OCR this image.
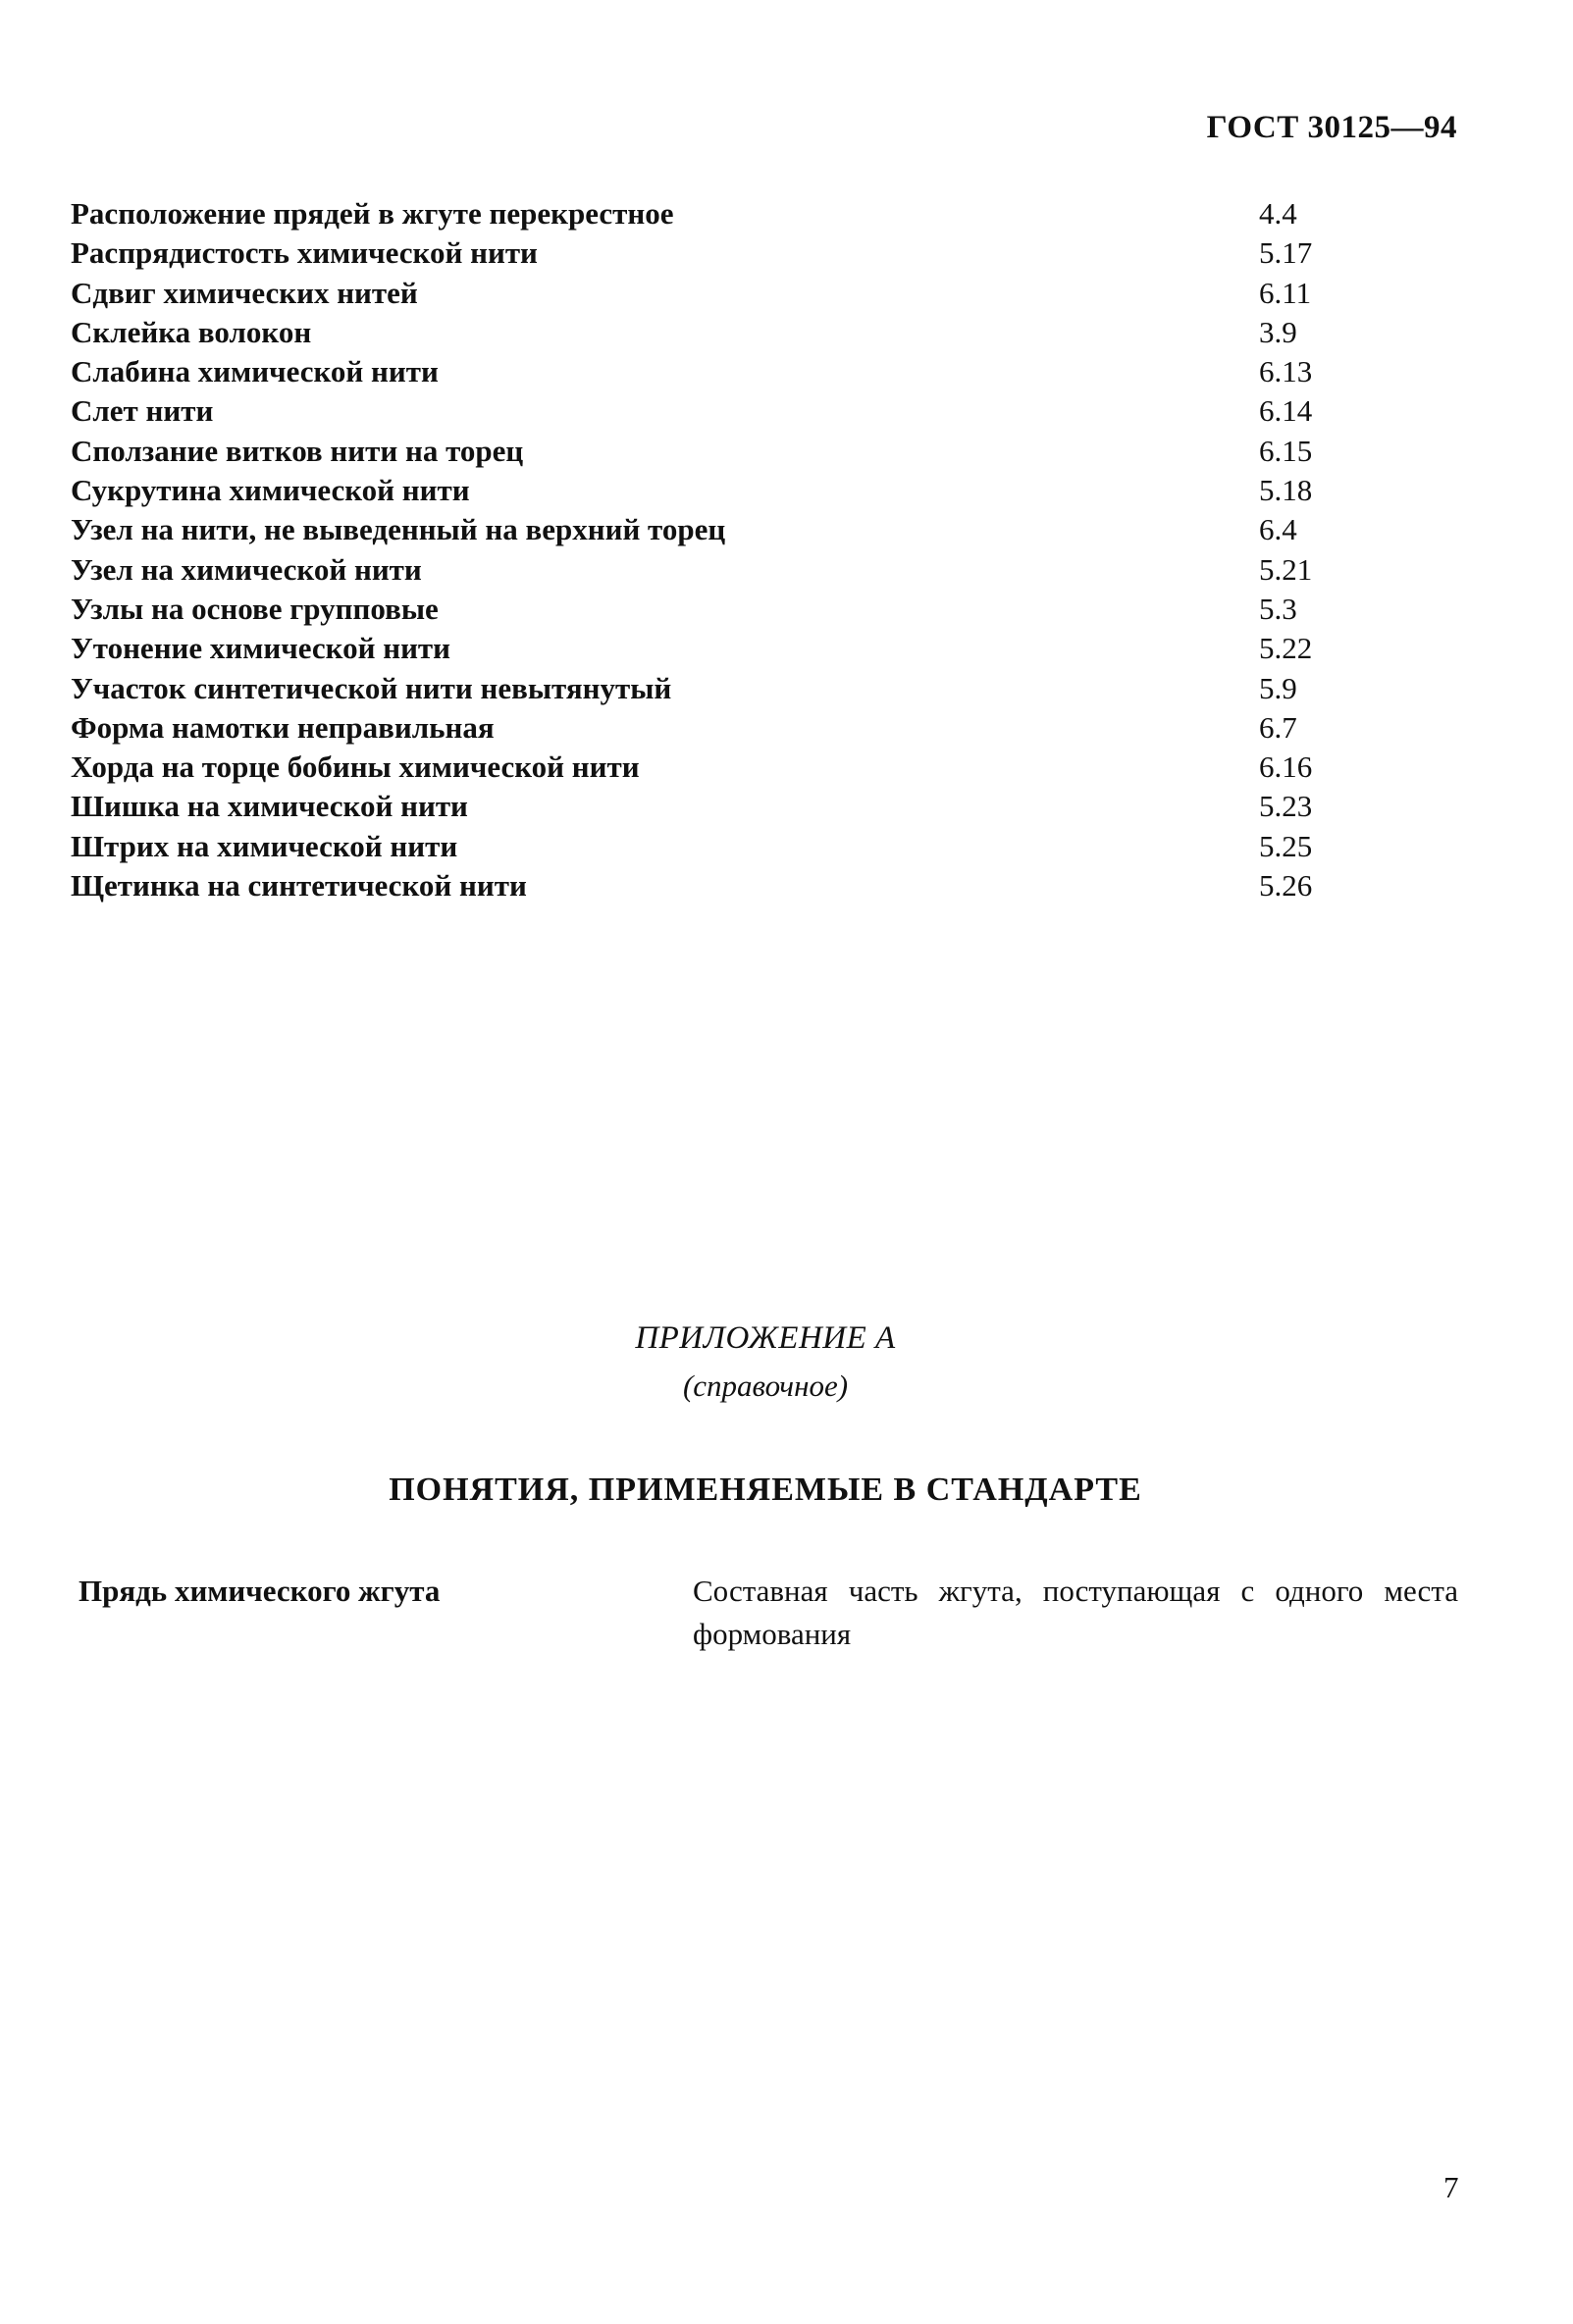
ГОСТ 30125—94
Расположение прядей в жгуте перекрестное	4.4
Распрядистость химической нити	5.17
Сдвиг химических нитей	6.11
Склейка волокон	3.9
Слабина химической нити	6.13
Слет нити	6.14
Сползание витков нити на торец	6.15
Сукрутина химической нити	5.18
Узел на нити, не выведенный на верхний торец	6.4
Узел на химической нити	5.21
Узлы на основе групповые	5.3
Утонение химической нити	5.22
Участок синтетической нити невытянутый	5.9
Форма намотки неправильная	6.7
Хорда на торце бобины химической нити	6.16
Шишка на химической нити	5.23
Штрих на химической нити	5.25
Щетинка на синтетической нити	5.26
ПРИЛОЖЕНИЕ А
(справочное)
ПОНЯТИЯ, ПРИМЕНЯЕМЫЕ В СТАНДАРТЕ
Прядь химического жгута	Составная часть жгута, поступающая с одного места формования
7
